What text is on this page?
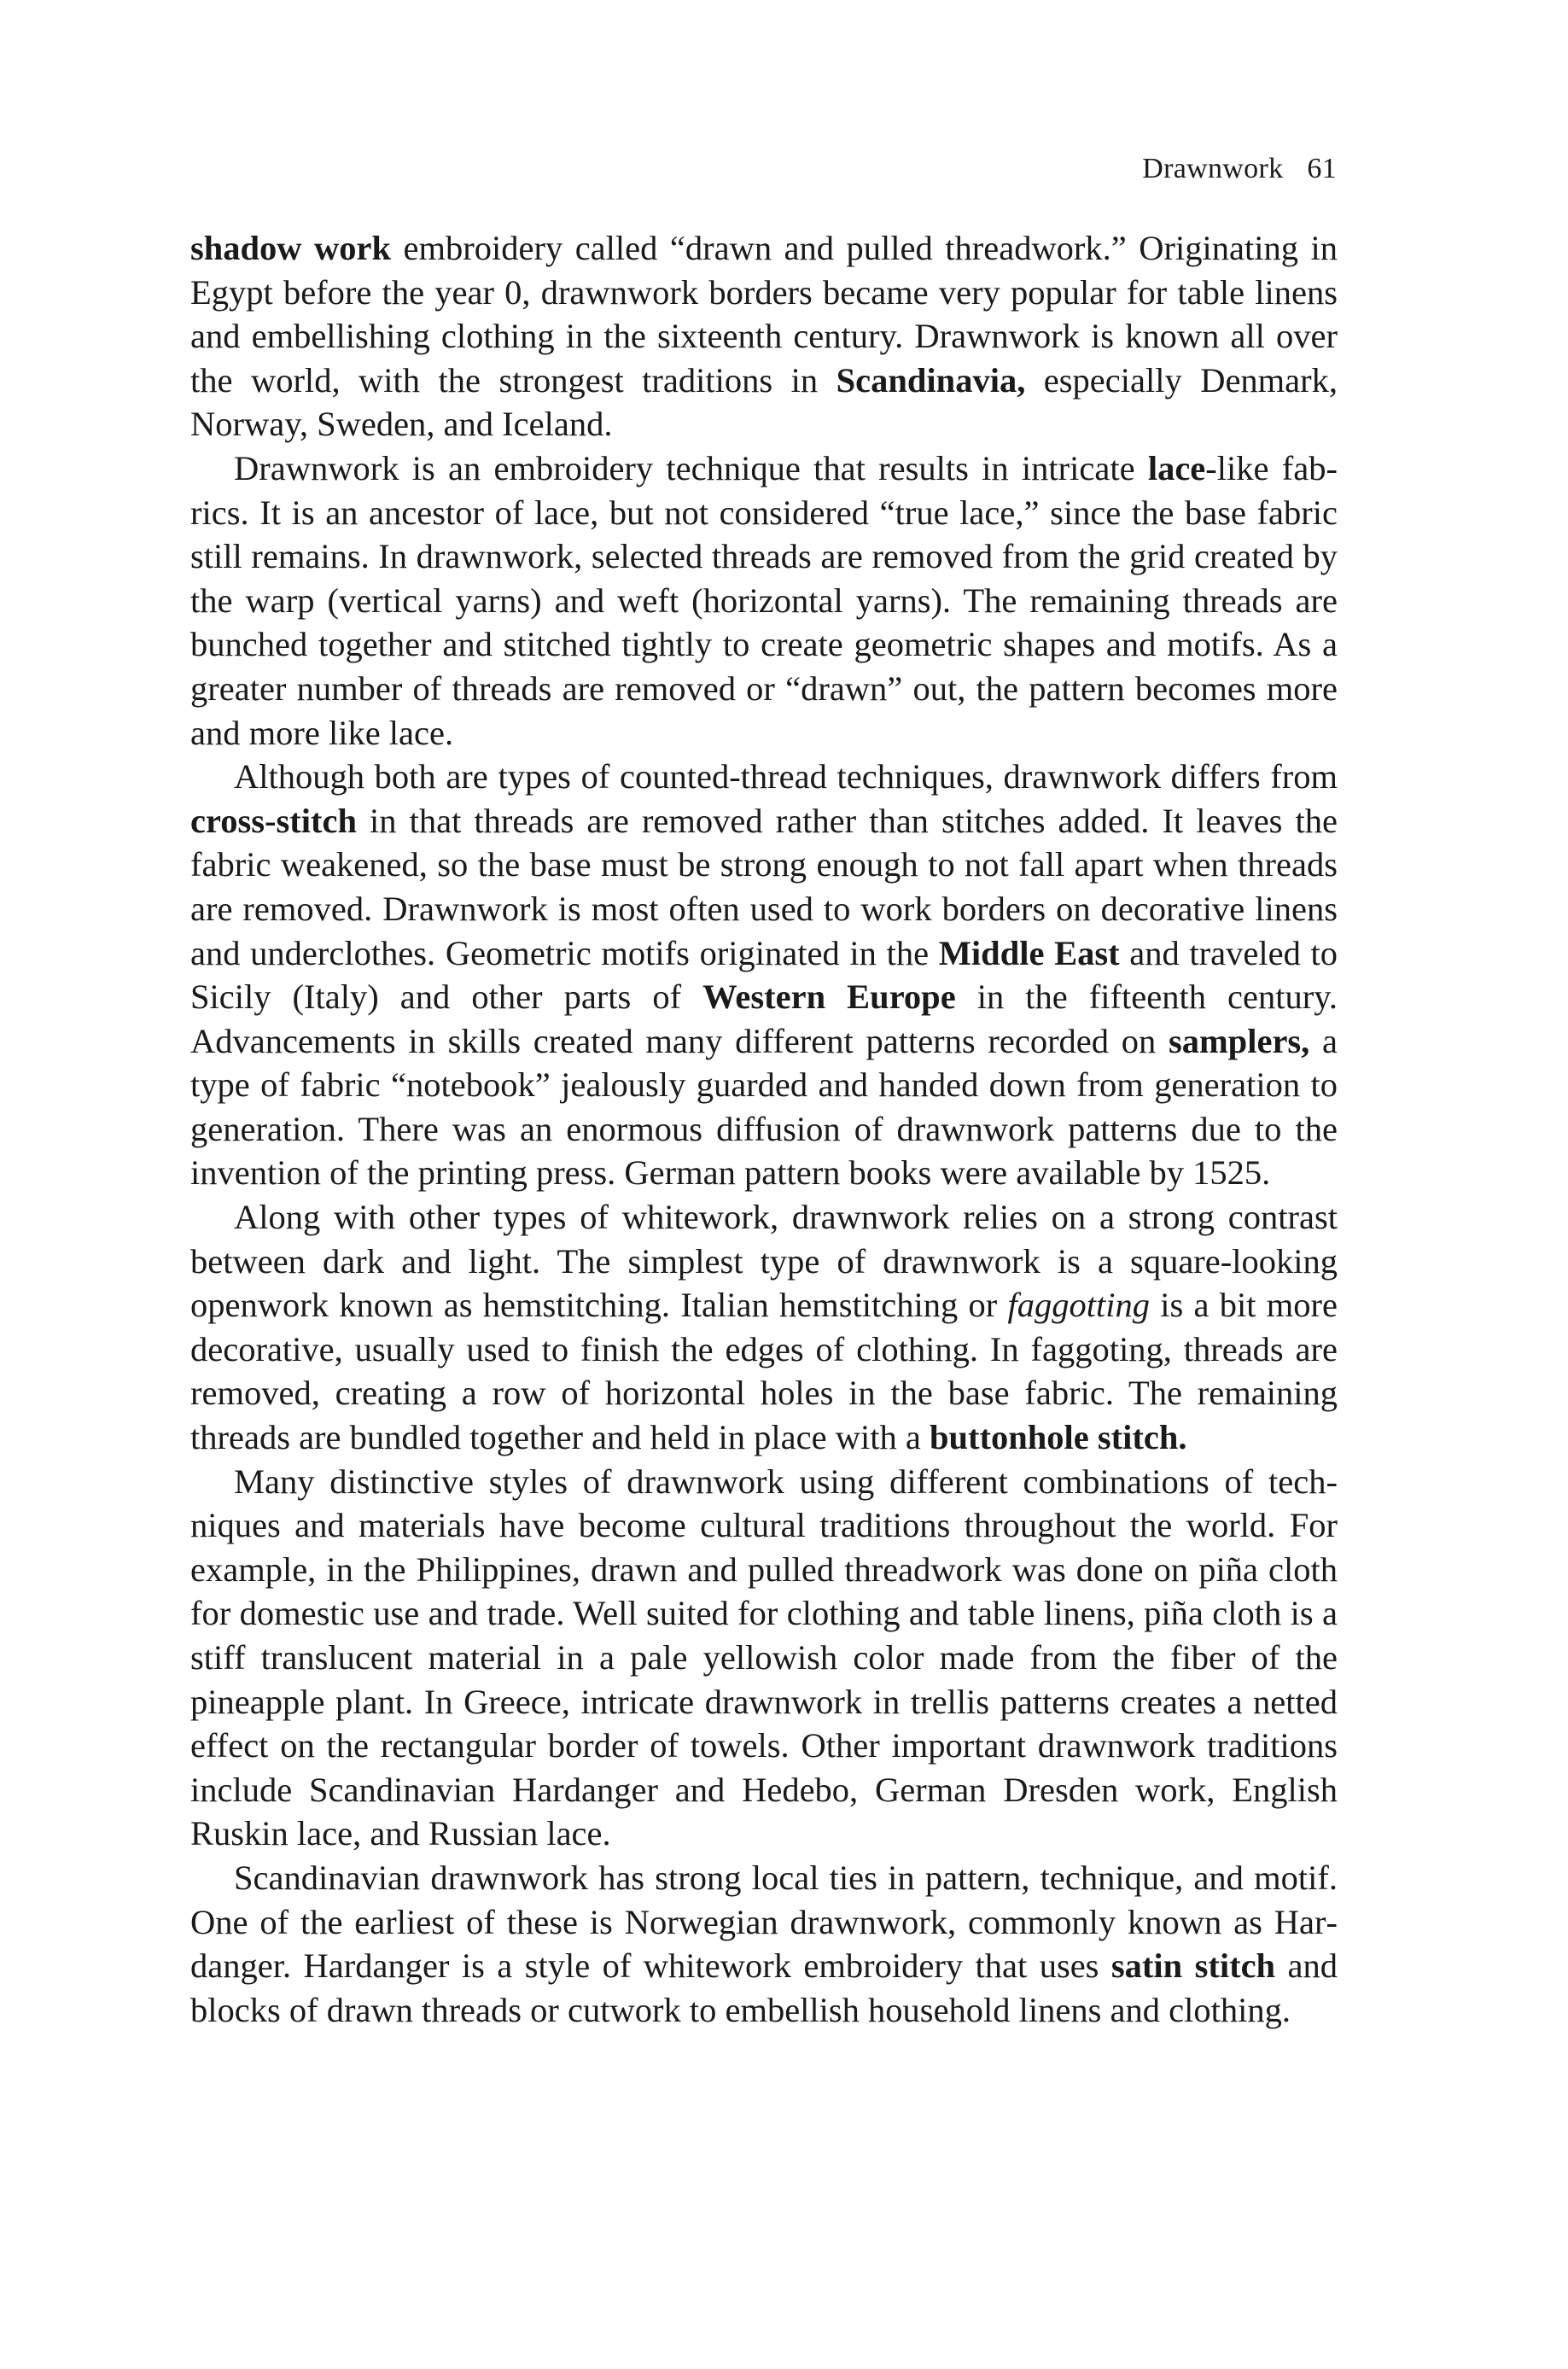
Drawnwork 61

shadow work embroidery called “drawn and pulled threadwork.” Originating in Egypt before the year 0, drawnwork borders became very popular for table linens and embellishing clothing in the sixteenth century. Drawnwork is known all over the world, with the strongest traditions in Scandinavia, especially Denmark, Norway, Sweden, and Iceland.

Drawnwork is an embroidery technique that results in intricate lace-like fabrics. It is an ancestor of lace, but not considered “true lace,” since the base fabric still remains. In drawnwork, selected threads are removed from the grid created by the warp (vertical yarns) and weft (horizontal yarns). The remaining threads are bunched together and stitched tightly to create geometric shapes and motifs. As a greater number of threads are removed or “drawn” out, the pattern becomes more and more like lace.

Although both are types of counted-thread techniques, drawnwork differs from cross-stitch in that threads are removed rather than stitches added. It leaves the fabric weakened, so the base must be strong enough to not fall apart when threads are removed. Drawnwork is most often used to work borders on decorative linens and underclothes. Geometric motifs originated in the Middle East and traveled to Sicily (Italy) and other parts of Western Europe in the fifteenth century. Advancements in skills created many different patterns recorded on samplers, a type of fabric “notebook” jealously guarded and handed down from generation to generation. There was an enormous diffusion of drawnwork patterns due to the invention of the printing press. German pattern books were available by 1525.

Along with other types of whitework, drawnwork relies on a strong contrast between dark and light. The simplest type of drawnwork is a square-looking openwork known as hemstitching. Italian hemstitching or faggotting is a bit more decorative, usually used to finish the edges of clothing. In faggoting, threads are removed, creating a row of horizontal holes in the base fabric. The remaining threads are bundled together and held in place with a buttonhole stitch.

Many distinctive styles of drawnwork using different combinations of techniques and materials have become cultural traditions throughout the world. For example, in the Philippines, drawn and pulled threadwork was done on piña cloth for domestic use and trade. Well suited for clothing and table linens, piña cloth is a stiff translucent material in a pale yellowish color made from the fiber of the pineapple plant. In Greece, intricate drawnwork in trellis patterns creates a netted effect on the rectangular border of towels. Other important drawnwork traditions include Scandinavian Hardanger and Hedebo, German Dresden work, English Ruskin lace, and Russian lace.

Scandinavian drawnwork has strong local ties in pattern, technique, and motif. One of the earliest of these is Norwegian drawnwork, commonly known as Hardanger. Hardanger is a style of whitework embroidery that uses satin stitch and blocks of drawn threads or cutwork to embellish household linens and clothing.
